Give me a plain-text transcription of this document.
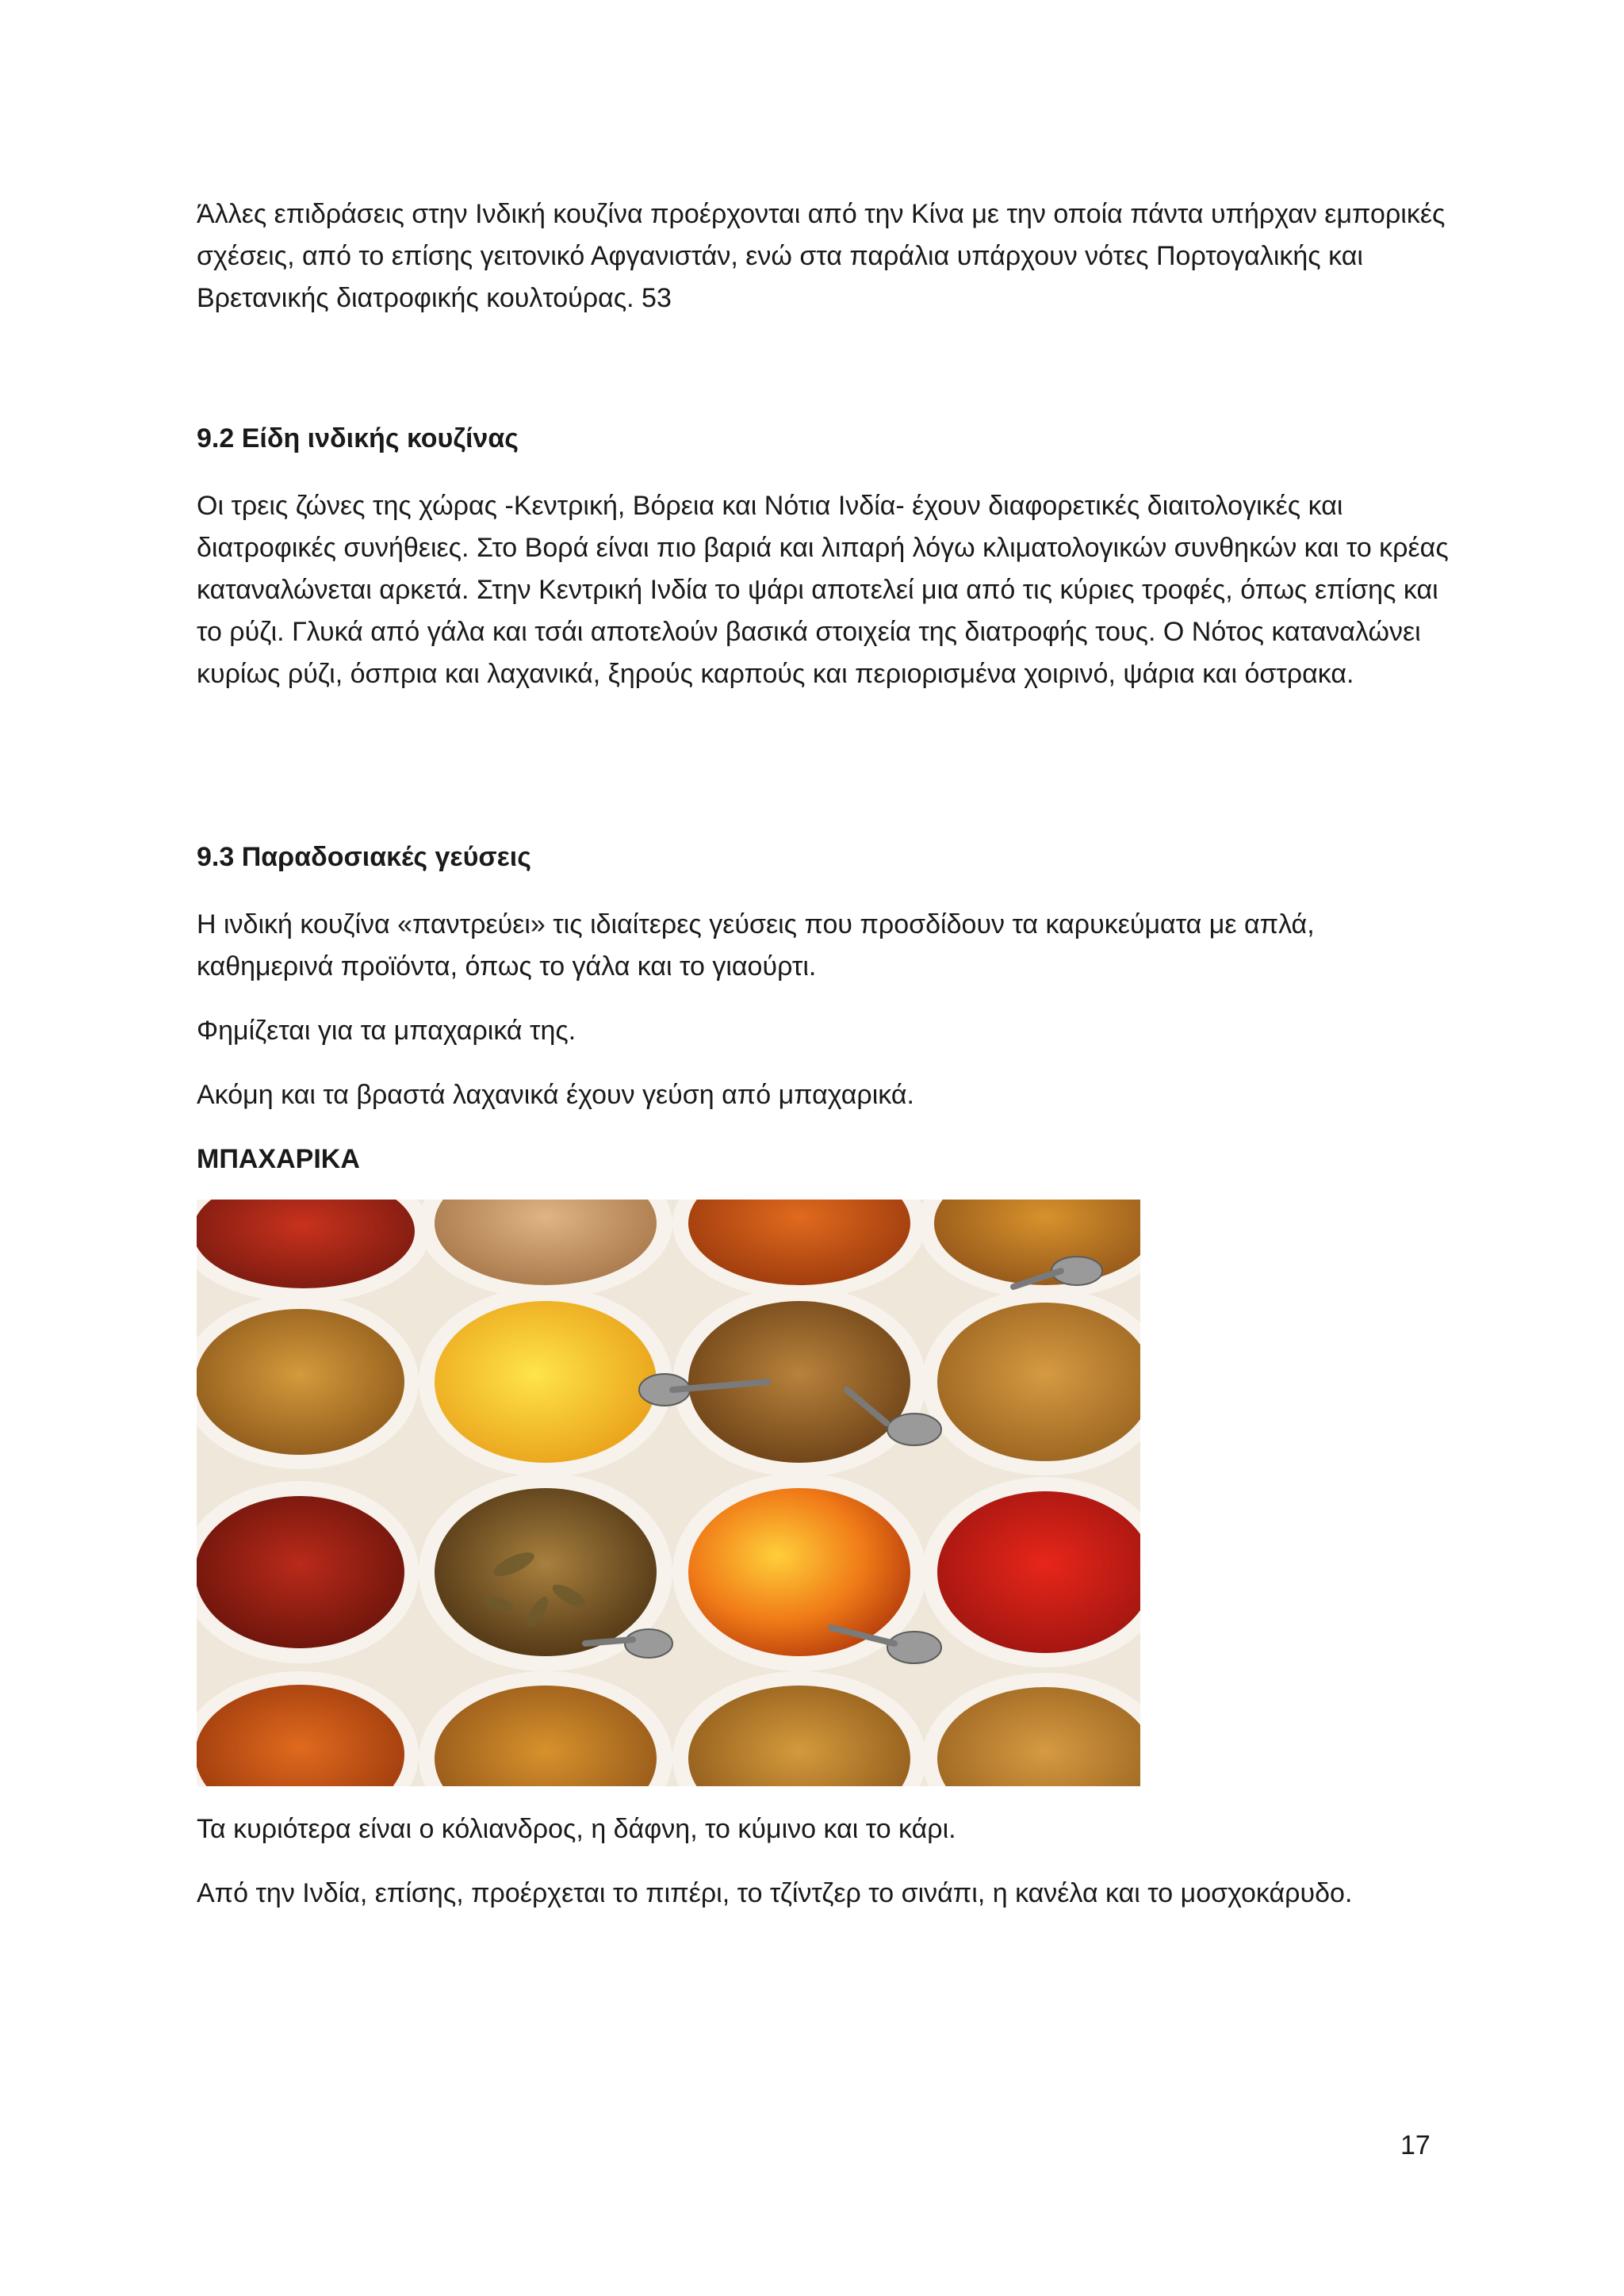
Άλλες επιδράσεις στην Ινδική κουζίνα προέρχονται από την Κίνα με την οποία πάντα υπήρχαν εμπορικές σχέσεις, από το επίσης γειτονικό Αφγανιστάν, ενώ στα παράλια υπάρχουν νότες Πορτογαλικής και Βρετανικής διατροφικής κουλτούρας. 53

9.2 Είδη ινδικής κουζίνας

Οι τρεις ζώνες της χώρας -Κεντρική, Βόρεια και Νότια Ινδία- έχουν διαφορετικές διαιτολογικές και διατροφικές συνήθειες. Στο Βορά είναι πιο βαριά και λιπαρή λόγω κλιματολογικών συνθηκών και το κρέας καταναλώνεται αρκετά. Στην Κεντρική Ινδία το ψάρι αποτελεί μια από τις κύριες τροφές, όπως επίσης και το ρύζι. Γλυκά από γάλα και τσάι αποτελούν βασικά στοιχεία της διατροφής τους. Ο Νότος καταναλώνει κυρίως ρύζι, όσπρια και λαχανικά, ξηρούς καρπούς και περιορισμένα χοιρινό, ψάρια και όστρακα.

9.3 Παραδοσιακές γεύσεις

Η ινδική κουζίνα «παντρεύει» τις ιδιαίτερες γεύσεις που προσδίδουν τα καρυκεύματα με απλά, καθημερινά προϊόντα, όπως το γάλα και το γιαούρτι.

Φημίζεται για τα μπαχαρικά της.

Ακόμη και τα βραστά λαχανικά έχουν γεύση από μπαχαρικά.

ΜΠΑΧΑΡΙΚΑ

Τα κυριότερα είναι ο κόλιανδρος, η δάφνη, το κύμινο και το κάρι.

Από την Ινδία, επίσης, προέρχεται το πιπέρι, το τζίντζερ το σινάπι, η κανέλα και το μοσχοκάρυδο.

17
